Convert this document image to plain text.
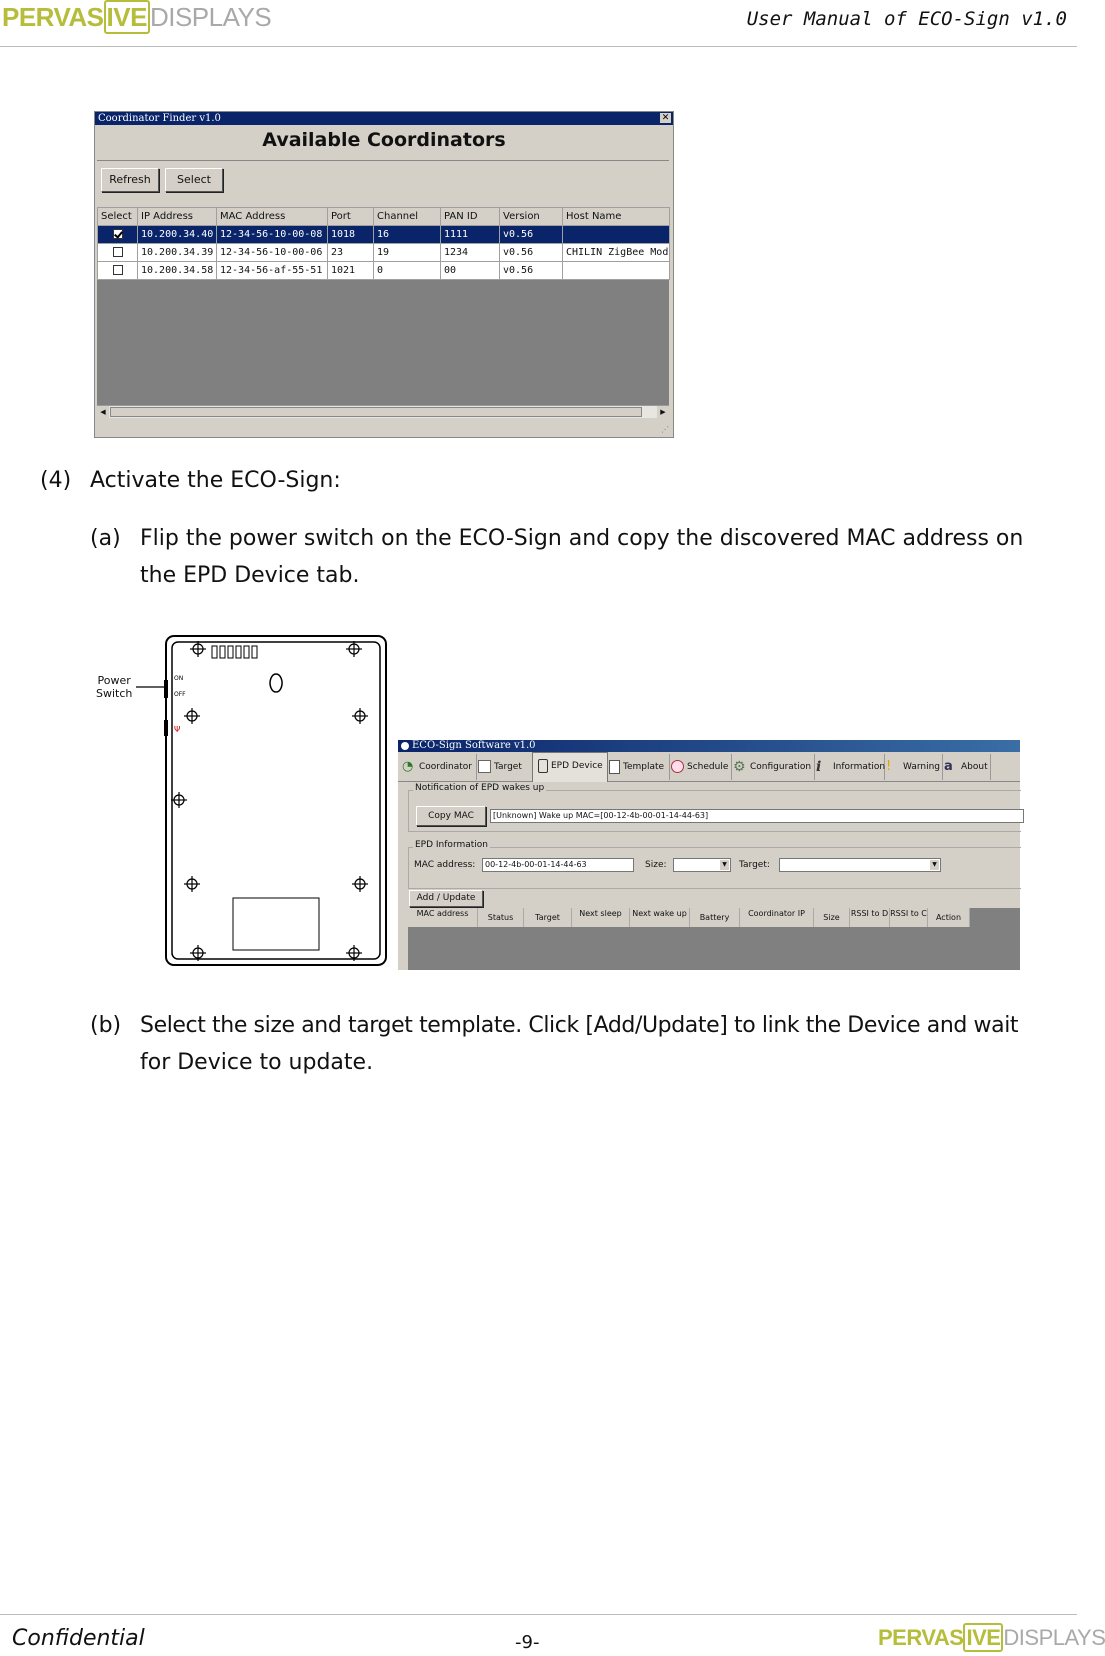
PERVAS IVE DISPLAYS	User Manual of ECO-Sign v1.0
Coordinator Finder v1.0	✕
Available Coordinators
Refresh	Select
Select	IP Address	MAC Address	Port	Channel	PAN ID	Version	Host Name
	10.200.34.40	12-34-56-10-00-08	1018	16	1111	v0.56	
	10.200.34.39	12-34-56-10-00-06	23	19	1234	v0.56	CHILIN ZigBee Mod
	10.200.34.58	12-34-56-af-55-51	1021	0	00	v0.56	
◀	▶
⋰
(4) Activate the ECO-Sign:
(a) Flip the power switch on the ECO-Sign and copy the discovered MAC address on
the EPD Device tab.
Power
Switch
ON
OFF
Ψ
ECO-Sign Software v1.0
◔ Coordinator	Target	EPD Device	Template	Schedule ⚙ Configuration i Information ! Warning a About
Notification of EPD wakes up
Copy MAC	[Unknown] Wake up MAC=[00-12-4b-00-01-14-44-63]
EPD Information
MAC address:	00-12-4b-00-01-14-44-63	Size:	▼ Target:	▼
Add / Update
MAC address	Status	Target	Next sleep	Next wake up	Battery	Coordinator IP	Size	RSSI to D RSSI to C	Action
(b) Select the size and target template. Click [Add/Update] to link the Device and wait
for Device to update.
Confidential	-9-	PERVAS IVE DISPLAYS
